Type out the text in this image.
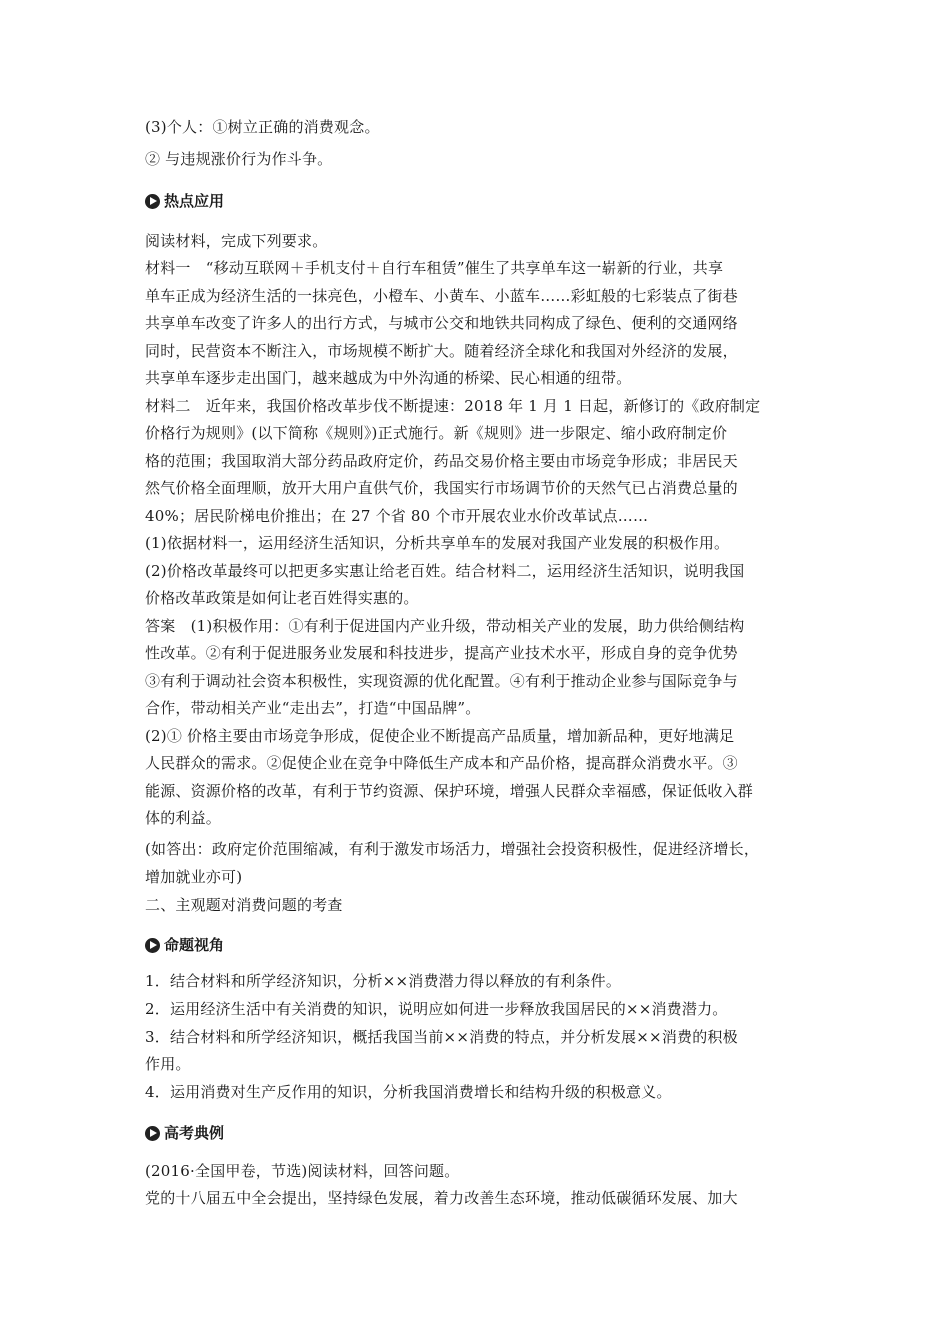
(3)个人：①树立正确的消费观念。
② 与违规涨价行为作斗争。
热点应用
阅读材料，完成下列要求。
材料一　“移动互联网＋手机支付＋自行车租赁”催生了共享单车这一崭新的行业，共享
单车正成为经济生活的一抹亮色，小橙车、小黄车、小蓝车……彩虹般的七彩装点了街巷
共享单车改变了许多人的出行方式，与城市公交和地铁共同构成了绿色、便利的交通网络
同时，民营资本不断注入，市场规模不断扩大。随着经济全球化和我国对外经济的发展，
共享单车逐步走出国门，越来越成为中外沟通的桥梁、民心相通的纽带。
材料二　近年来，我国价格改革步伐不断提速：2018 年 1 月 1 日起，新修订的《政府制定
价格行为规则》(以下简称《规则》)正式施行。新《规则》进一步限定、缩小政府制定价
格的范围；我国取消大部分药品政府定价，药品交易价格主要由市场竞争形成；非居民天
然气价格全面理顺，放开大用户直供气价，我国实行市场调节价的天然气已占消费总量的
40%；居民阶梯电价推出；在 27 个省 80 个市开展农业水价改革试点……
(1)依据材料一，运用经济生活知识，分析共享单车的发展对我国产业发展的积极作用。
(2)价格改革最终可以把更多实惠让给老百姓。结合材料二，运用经济生活知识，说明我国
价格改革政策是如何让老百姓得实惠的。
答案　(1)积极作用：①有利于促进国内产业升级，带动相关产业的发展，助力供给侧结构
性改革。②有利于促进服务业发展和科技进步，提高产业技术水平，形成自身的竞争优势
③有利于调动社会资本积极性，实现资源的优化配置。④有利于推动企业参与国际竞争与
合作，带动相关产业“走出去”，打造“中国品牌”。
(2)① 价格主要由市场竞争形成，促使企业不断提高产品质量，增加新品种，更好地满足
人民群众的需求。②促使企业在竞争中降低生产成本和产品价格，提高群众消费水平。③
能源、资源价格的改革，有利于节约资源、保护环境，增强人民群众幸福感，保证低收入群
体的利益。
(如答出：政府定价范围缩减，有利于激发市场活力，增强社会投资积极性，促进经济增长，
增加就业亦可)
二、主观题对消费问题的考查
命题视角
1．结合材料和所学经济知识，分析××消费潜力得以释放的有利条件。
2．运用经济生活中有关消费的知识，说明应如何进一步释放我国居民的××消费潜力。
3．结合材料和所学经济知识，概括我国当前××消费的特点，并分析发展××消费的积极
作用。
4．运用消费对生产反作用的知识，分析我国消费增长和结构升级的积极意义。
高考典例
(2016·全国甲卷，节选)阅读材料，回答问题。
党的十八届五中全会提出，坚持绿色发展，着力改善生态环境，推动低碳循环发展、加大
